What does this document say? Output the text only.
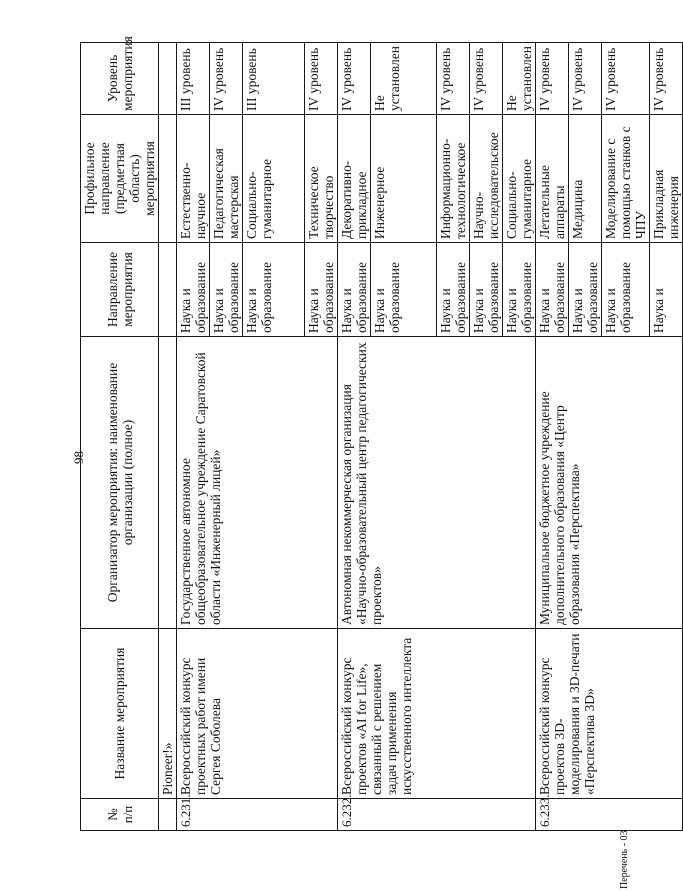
98
№ п/п	Название мероприятия	Организатор мероприятия: наименование организации (полное)	Направление мероприятия	Профильное направление (предметная область) мероприятия	Уровень мероприятия
	Pioneer!»				
6.231.	Всероссийский конкурс проектных работ имени Сергея Соболева	Государственное автономное общеобразовательное учреждение Саратовской области «Инженерный лицей»	Наука и образование	Естественно-научное	III уровень
			Наука и образование	Педагогическая мастерская	IV уровень
			Наука и образование	Социально-гуманитарное	III уровень
			Наука и образование	Техническое творчество	IV уровень
6.232.	Всероссийский конкурс проектов «AI for Life», связанный с решением задач применения искусственного интеллекта	Автономная некоммерческая организация «Научно-образовательный центр педагогических проектов»	Наука и образование	Декоративно-прикладное	IV уровень
			Наука и образование	Инженерное	Не установлен
			Наука и образование	Информационно-технологическое	IV уровень
			Наука и образование	Научно-исследовательское	IV уровень
			Наука и образование	Социально-гуманитарное	Не установлен
6.233.	Всероссийский конкурс проектов 3D-моделирования и 3D-печати «Перспектива 3D»	Муниципальное бюджетное учреждение дополнительного образования «Центр образования «Перспектива»	Наука и образование	Летательные аппараты	IV уровень
			Наука и образование	Медицина	IV уровень
			Наука и образование	Моделирование с помощью станков с ЧПУ	IV уровень
			Наука и	Прикладная инженерия	IV уровень
Перечень - 03
